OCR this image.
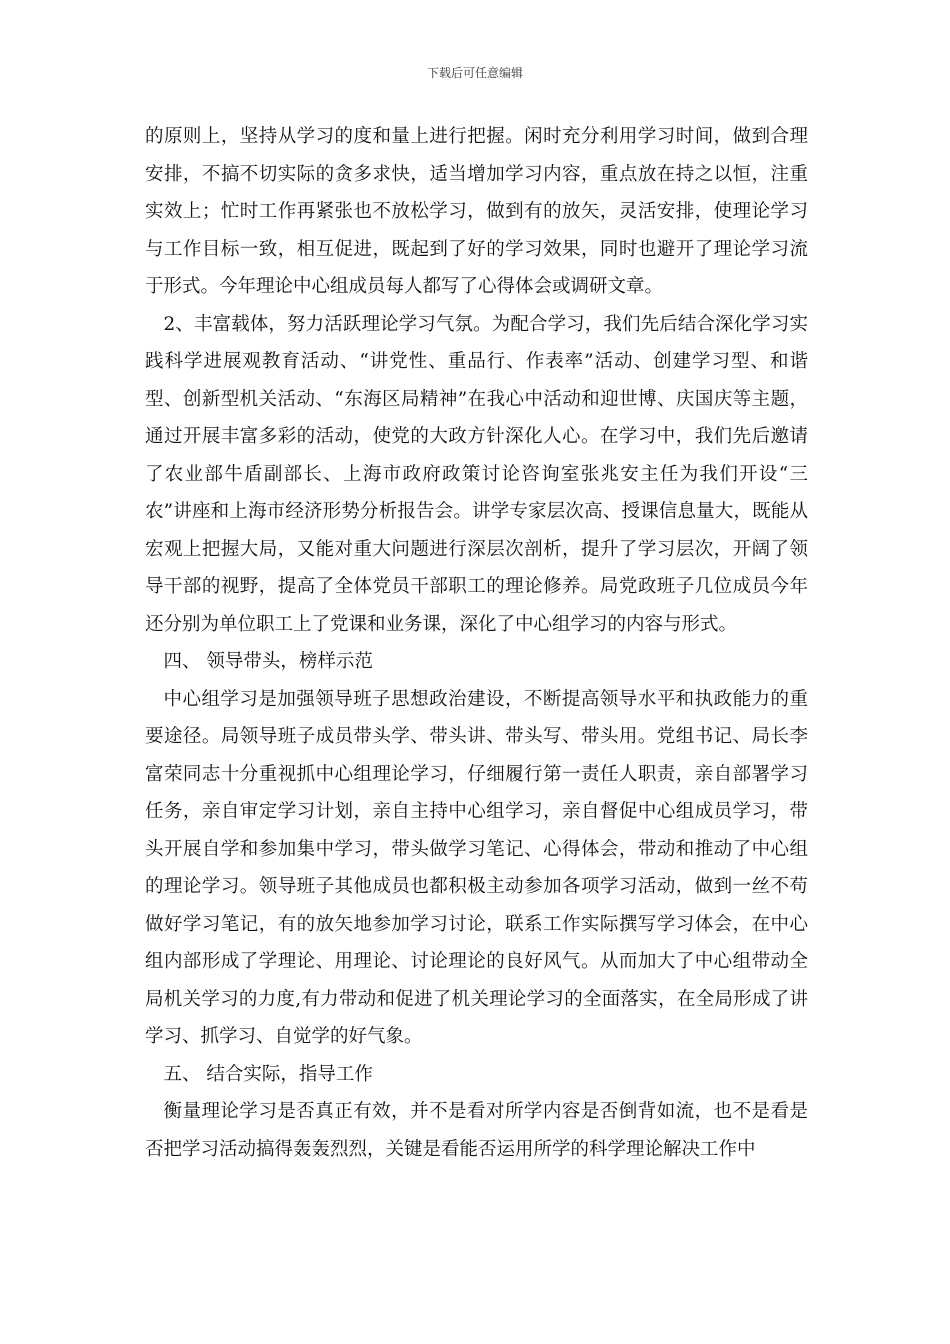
下载后可任意编辑

的原则上，坚持从学习的度和量上进行把握。闲时充分利用学习时间，做到合理安排，不搞不切实际的贪多求快，适当增加学习内容，重点放在持之以恒，注重实效上；忙时工作再紧张也不放松学习，做到有的放矢，灵活安排，使理论学习与工作目标一致，相互促进，既起到了好的学习效果，同时也避开了理论学习流于形式。今年理论中心组成员每人都写了心得体会或调研文章。

2、丰富载体，努力活跃理论学习气氛。为配合学习，我们先后结合深化学习实践科学进展观教育活动、“讲党性、重品行、作表率”活动、创建学习型、和谐型、创新型机关活动、“东海区局精神”在我心中活动和迎世博、庆国庆等主题，通过开展丰富多彩的活动，使党的大政方针深化人心。在学习中，我们先后邀请了农业部牛盾副部长、上海市政府政策讨论咨询室张兆安主任为我们开设“三农”讲座和上海市经济形势分析报告会。讲学专家层次高、授课信息量大，既能从宏观上把握大局，又能对重大问题进行深层次剖析，提升了学习层次，开阔了领导干部的视野，提高了全体党员干部职工的理论修养。局党政班子几位成员今年还分别为单位职工上了党课和业务课，深化了中心组学习的内容与形式。

四、 领导带头，榜样示范

中心组学习是加强领导班子思想政治建设，不断提高领导水平和执政能力的重要途径。局领导班子成员带头学、带头讲、带头写、带头用。党组书记、局长李富荣同志十分重视抓中心组理论学习，仔细履行第一责任人职责，亲自部署学习任务，亲自审定学习计划，亲自主持中心组学习，亲自督促中心组成员学习，带头开展自学和参加集中学习，带头做学习笔记、心得体会，带动和推动了中心组的理论学习。领导班子其他成员也都积极主动参加各项学习活动，做到一丝不苟做好学习笔记，有的放矢地参加学习讨论，联系工作实际撰写学习体会，在中心组内部形成了学理论、用理论、讨论理论的良好风气。从而加大了中心组带动全局机关学习的力度,有力带动和促进了机关理论学习的全面落实，在全局形成了讲学习、抓学习、自觉学的好气象。

五、 结合实际，指导工作

衡量理论学习是否真正有效，并不是看对所学内容是否倒背如流，也不是看是否把学习活动搞得轰轰烈烈，关键是看能否运用所学的科学理论解决工作中
